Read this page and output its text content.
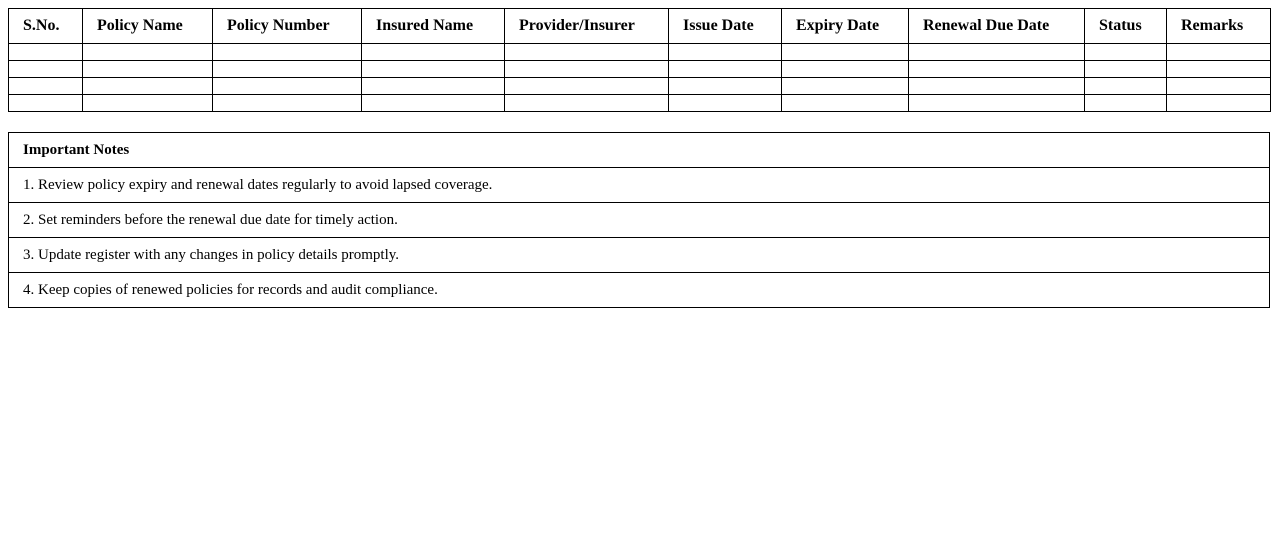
S.No.	Policy Name	Policy Number	Insured Name	Provider/Insurer	Issue Date	Expiry Date	Renewal Due Date	Status	Remarks

Important Notes
1. Review policy expiry and renewal dates regularly to avoid lapsed coverage.
2. Set reminders before the renewal due date for timely action.
3. Update register with any changes in policy details promptly.
4. Keep copies of renewed policies for records and audit compliance.
